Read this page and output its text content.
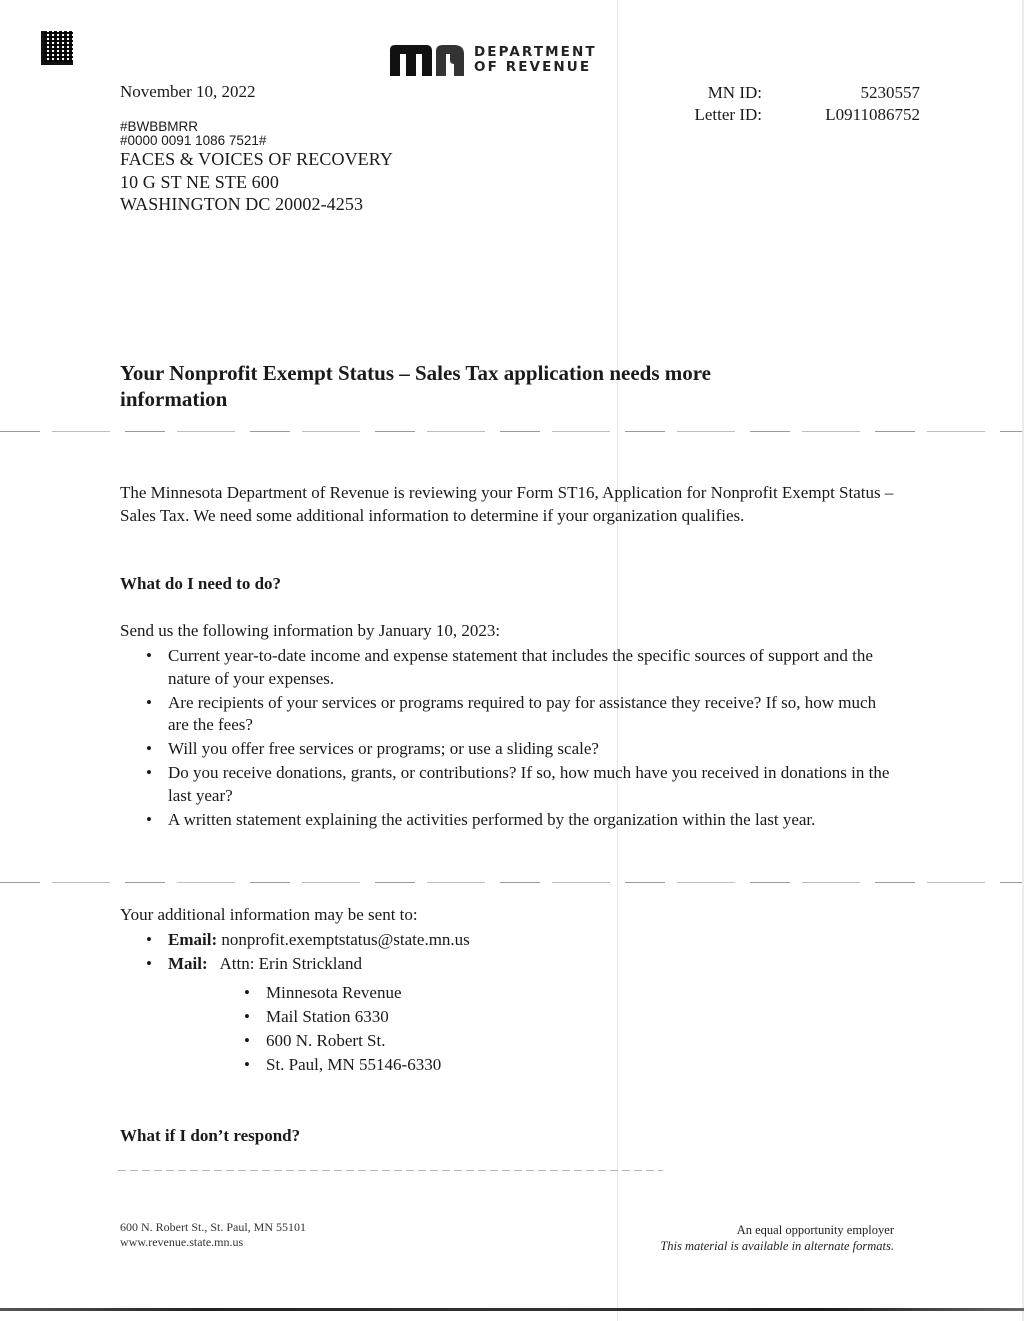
DEPARTMENT
OF REVENUE
November 10, 2022	MN ID:	5230557
Letter ID:	L0911086752
#BWBBMRR
#0000 0091 1086 7521#
FACES & VOICES OF RECOVERY
10 G ST NE STE 600
WASHINGTON DC 20002-4253
Your Nonprofit Exempt Status – Sales Tax application needs more information
The Minnesota Department of Revenue is reviewing your Form ST16, Application for Nonprofit Exempt Status – Sales Tax. We need some additional information to determine if your organization qualifies.
What do I need to do?
Send us the following information by January 10, 2023:
• Current year-to-date income and expense statement that includes the specific sources of support and the nature of your expenses.
• Are recipients of your services or programs required to pay for assistance they receive? If so, how much are the fees?
• Will you offer free services or programs; or use a sliding scale?
• Do you receive donations, grants, or contributions? If so, how much have you received in donations in the last year?
• A written statement explaining the activities performed by the organization within the last year.
Your additional information may be sent to:
• Email: nonprofit.exemptstatus@state.mn.us
• Mail: Attn: Erin Strickland
• Minnesota Revenue
• Mail Station 6330
• 600 N. Robert St.
• St. Paul, MN 55146-6330
What if I don’t respond?
600 N. Robert St., St. Paul, MN 55101
www.revenue.state.mn.us
An equal opportunity employer
This material is available in alternate formats.
